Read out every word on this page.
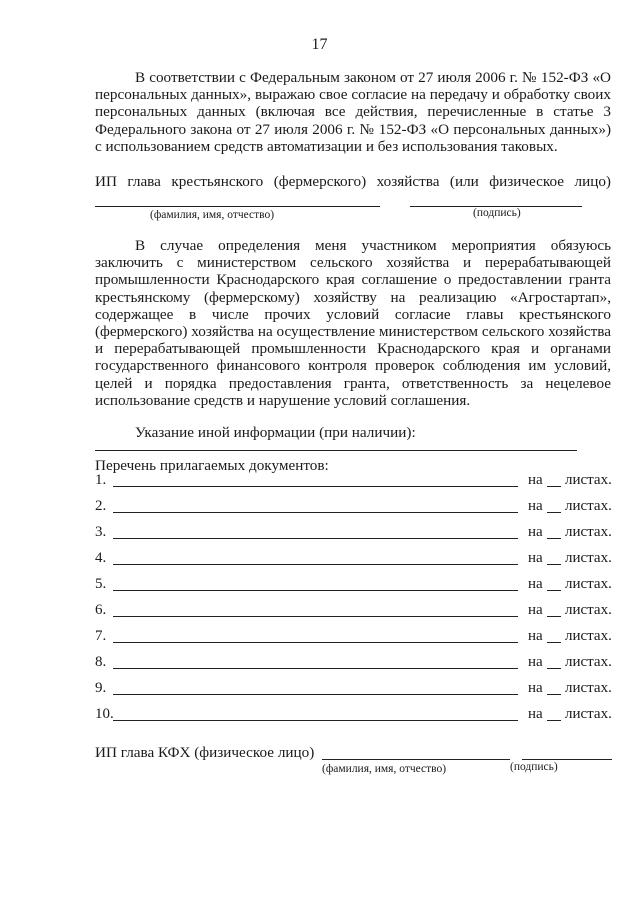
17

В соответствии с Федеральным законом от 27 июля 2006 г. № 152-ФЗ «О персональных данных», выражаю свое согласие на передачу и обработку своих персональных данных (включая все действия, перечисленные в статье 3 Федерального закона от 27 июля 2006 г. № 152-ФЗ «О персональных данных») с использованием средств автоматизации и без использования таковых.

ИП глава крестьянского (фермерского) хозяйства (или физическое лицо)
(фамилия, имя, отчество)	(подпись)

В случае определения меня участником мероприятия обязуюсь заключить с министерством сельского хозяйства и перерабатывающей промышленности Краснодарского края соглашение о предоставлении гранта крестьянскому (фермерскому) хозяйству на реализацию «Агростартап», содержащее в числе прочих условий согласие главы крестьянского (фермерского) хозяйства на осуществление министерством сельского хозяйства и перерабатывающей промышленности Краснодарского края и органами государственного финансового контроля проверок соблюдения им условий, целей и порядка предоставления гранта, ответственность за нецелевое использование средств и нарушение условий соглашения.

Указание иной информации (при наличии):
Перечень прилагаемых документов:
1.	на листах.
2.	на листах.
3.	на листах.
4.	на листах.
5.	на листах.
6.	на листах.
7.	на листах.
8.	на листах.
9.	на листах.
10.	на листах.
ИП глава КФХ (физическое лицо)
(фамилия, имя, отчество)	(подпись)
